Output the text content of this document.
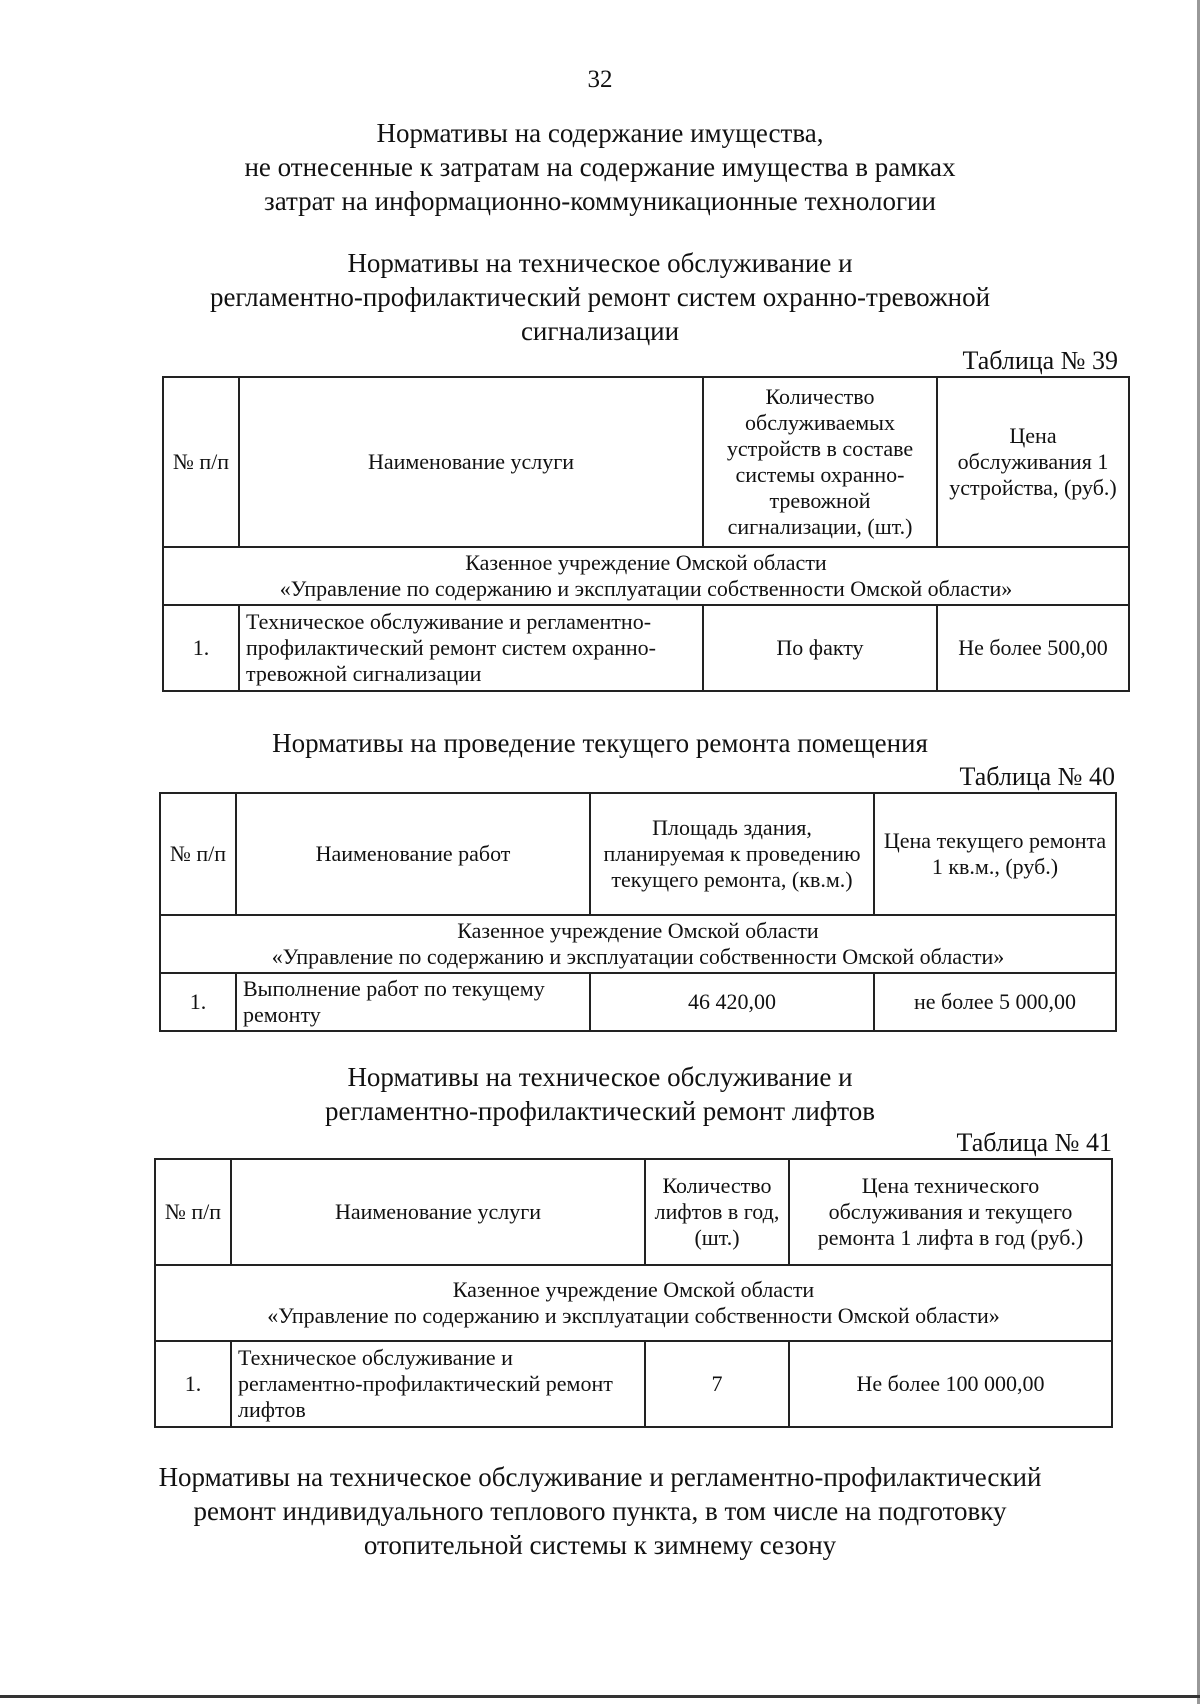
32
Нормативы на содержание имущества,
не отнесенные к затратам на содержание имущества в рамках
затрат на информационно-коммуникационные технологии
Нормативы на техническое обслуживание и
регламентно-профилактический ремонт систем охранно-тревожной
сигнализации
Таблица № 39
№ п/п	Наименование услуги	Количество обслуживаемых устройств в составе системы охранно-тревожной сигнализации, (шт.)	Цена обслуживания 1 устройства, (руб.)

Казенное учреждение Омской области
«Управление по содержанию и эксплуатации собственности Омской области»			

1.	Техническое обслуживание и регламентно-профилактический ремонт систем охранно-тревожной сигнализации	По факту	Не более 500,00
Нормативы на проведение текущего ремонта помещения
Таблица № 40
№ п/п	Наименование работ	Площадь здания, планируемая к проведению текущего ремонта, (кв.м.)	Цена текущего ремонта 1 кв.м., (руб.)

Казенное учреждение Омской области
«Управление по содержанию и эксплуатации собственности Омской области»			

1.	Выполнение работ по текущему ремонту	46 420,00	не более 5 000,00
Нормативы на техническое обслуживание и
регламентно-профилактический ремонт лифтов
Таблица № 41
№ п/п	Наименование услуги	Количество лифтов в год, (шт.)	Цена технического обслуживания и текущего ремонта 1 лифта в год (руб.)

Казенное учреждение Омской области
«Управление по содержанию и эксплуатации собственности Омской области»			

1.	Техническое обслуживание и регламентно-профилактический ремонт лифтов	7	Не более 100 000,00
Нормативы на техническое обслуживание и регламентно-профилактический
ремонт индивидуального теплового пункта, в том числе на подготовку
отопительной системы к зимнему сезону
